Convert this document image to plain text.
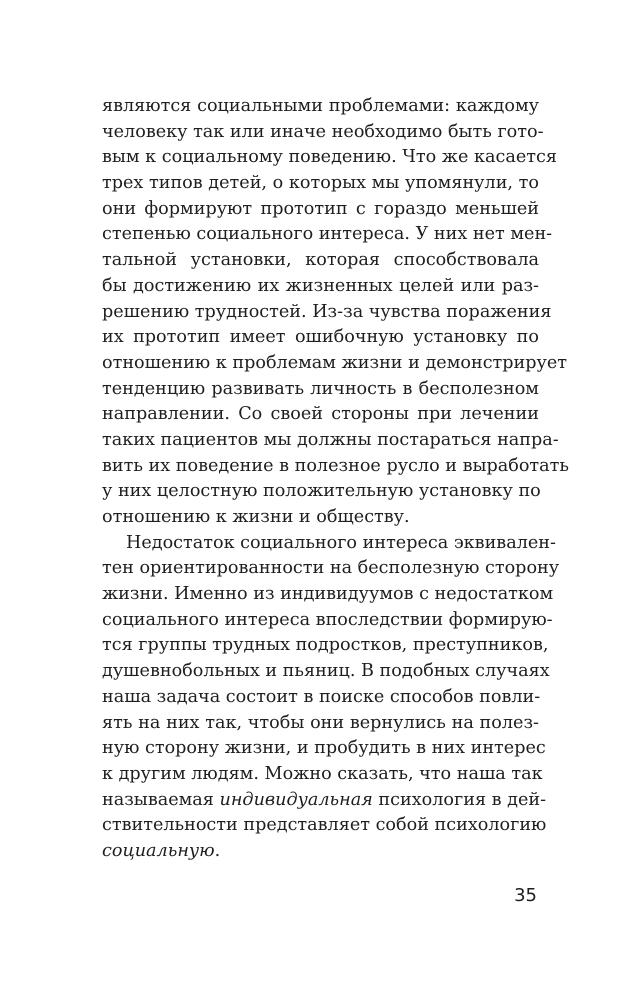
являются социальными проблемами: каждому
человеку так или иначе необходимо быть гото-
вым к социальному поведению. Что же касается
трех типов детей, о которых мы упомянули, то
они формируют прототип с гораздо меньшей
степенью социального интереса. У них нет мен-
тальной установки, которая способствовала
бы достижению их жизненных целей или раз-
решению трудностей. Из-за чувства поражения
их прототип имеет ошибочную установку по
отношению к проблемам жизни и демонстрирует
тенденцию развивать личность в бесполезном
направлении. Со своей стороны при лечении
таких пациентов мы должны постараться напра-
вить их поведение в полезное русло и выработать
у них целостную положительную установку по
отношению к жизни и обществу.
Недостаток социального интереса эквивален-
тен ориентированности на бесполезную сторону
жизни. Именно из индивидуумов с недостатком
социального интереса впоследствии формирую-
тся группы трудных подростков, преступников,
душевнобольных и пьяниц. В подобных случаях
наша задача состоит в поиске способов повли-
ять на них так, чтобы они вернулись на полез-
ную сторону жизни, и пробудить в них интерес
к другим людям. Можно сказать, что наша так
называемая индивидуальная психология в дей-
ствительности представляет собой психологию
социальную.
35
